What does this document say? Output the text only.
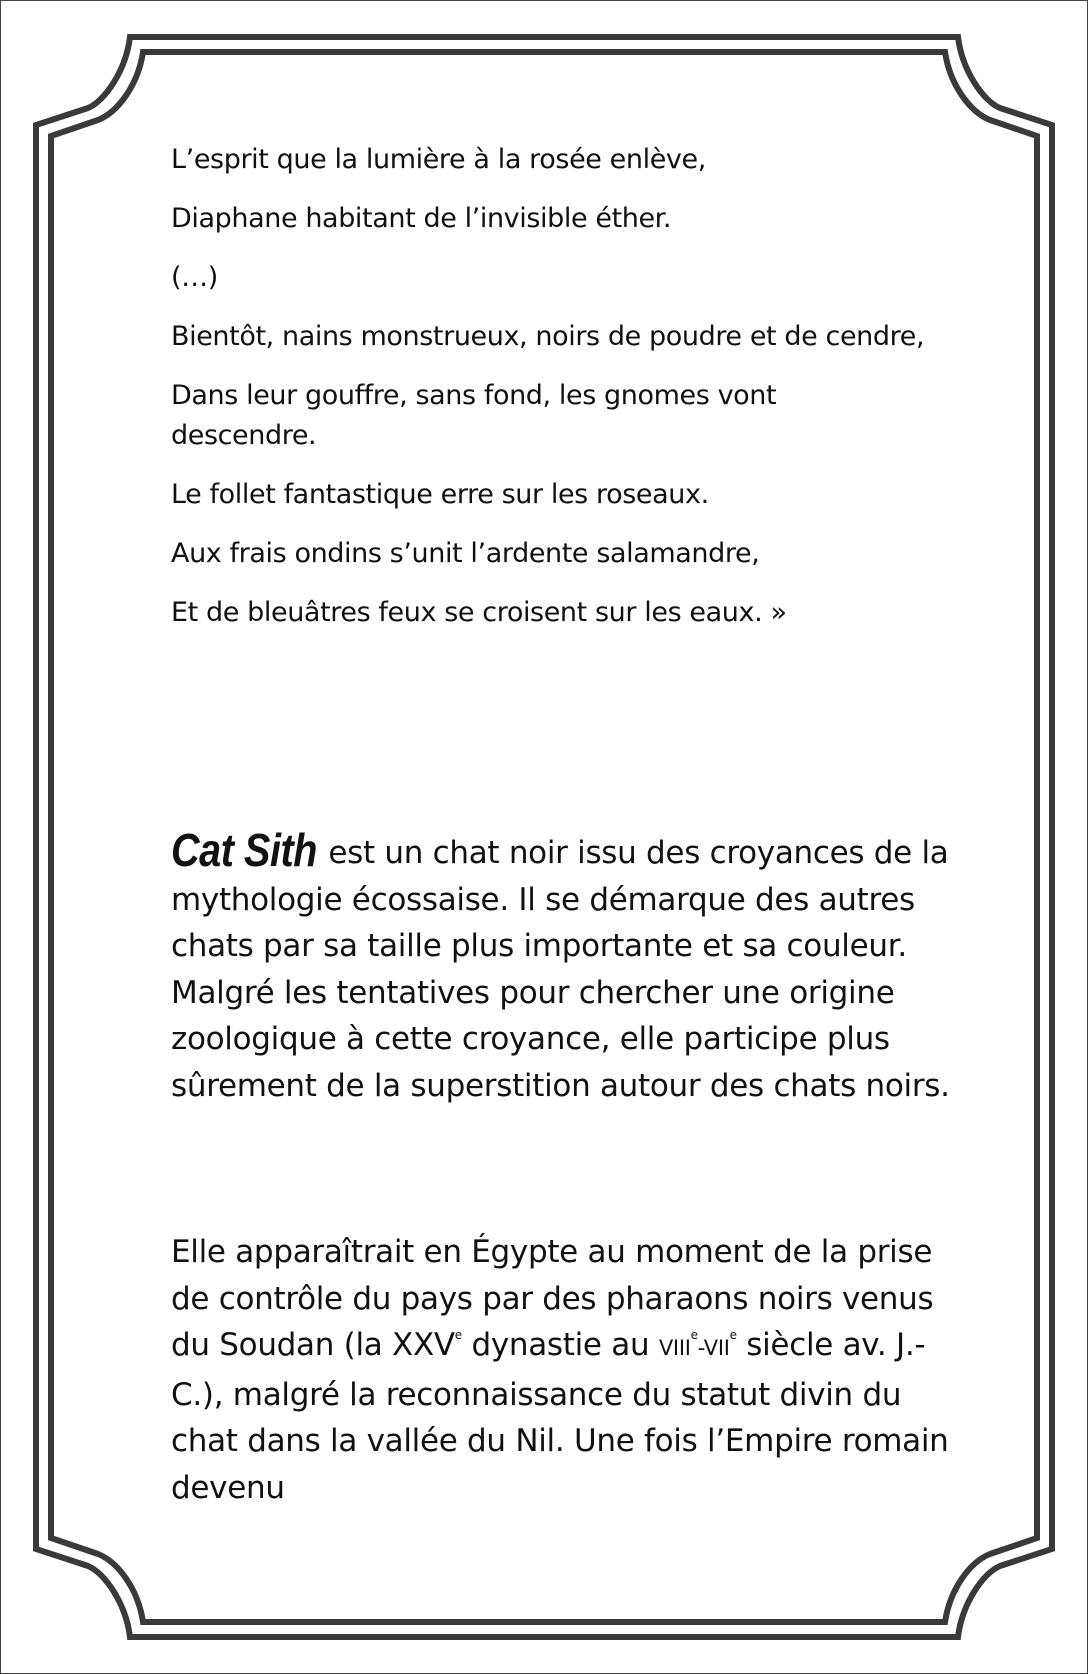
L’esprit que la lumière à la rosée enlève,
Diaphane habitant de l’invisible éther.
(…)
Bientôt, nains monstrueux, noirs de poudre et de cendre,
Dans leur gouffre, sans fond, les gnomes vont descendre.
Le follet fantastique erre sur les roseaux.
Aux frais ondins s’unit l’ardente salamandre,
Et de bleuâtres feux se croisent sur les eaux. »

Cat Sith est un chat noir issu des croyances de la mythologie écossaise. Il se démarque des autres chats par sa taille plus importante et sa couleur. Malgré les tentatives pour chercher une origine zoologique à cette croyance, elle participe plus sûrement de la superstition autour des chats noirs.

Elle apparaîtrait en Égypte au moment de la prise de contrôle du pays par des pharaons noirs venus du Soudan (la XXVe dynastie au VIIIe-VIIe siècle av. J.-C.), malgré la reconnaissance du statut divin du chat dans la vallée du Nil. Une fois l’Empire romain devenu
